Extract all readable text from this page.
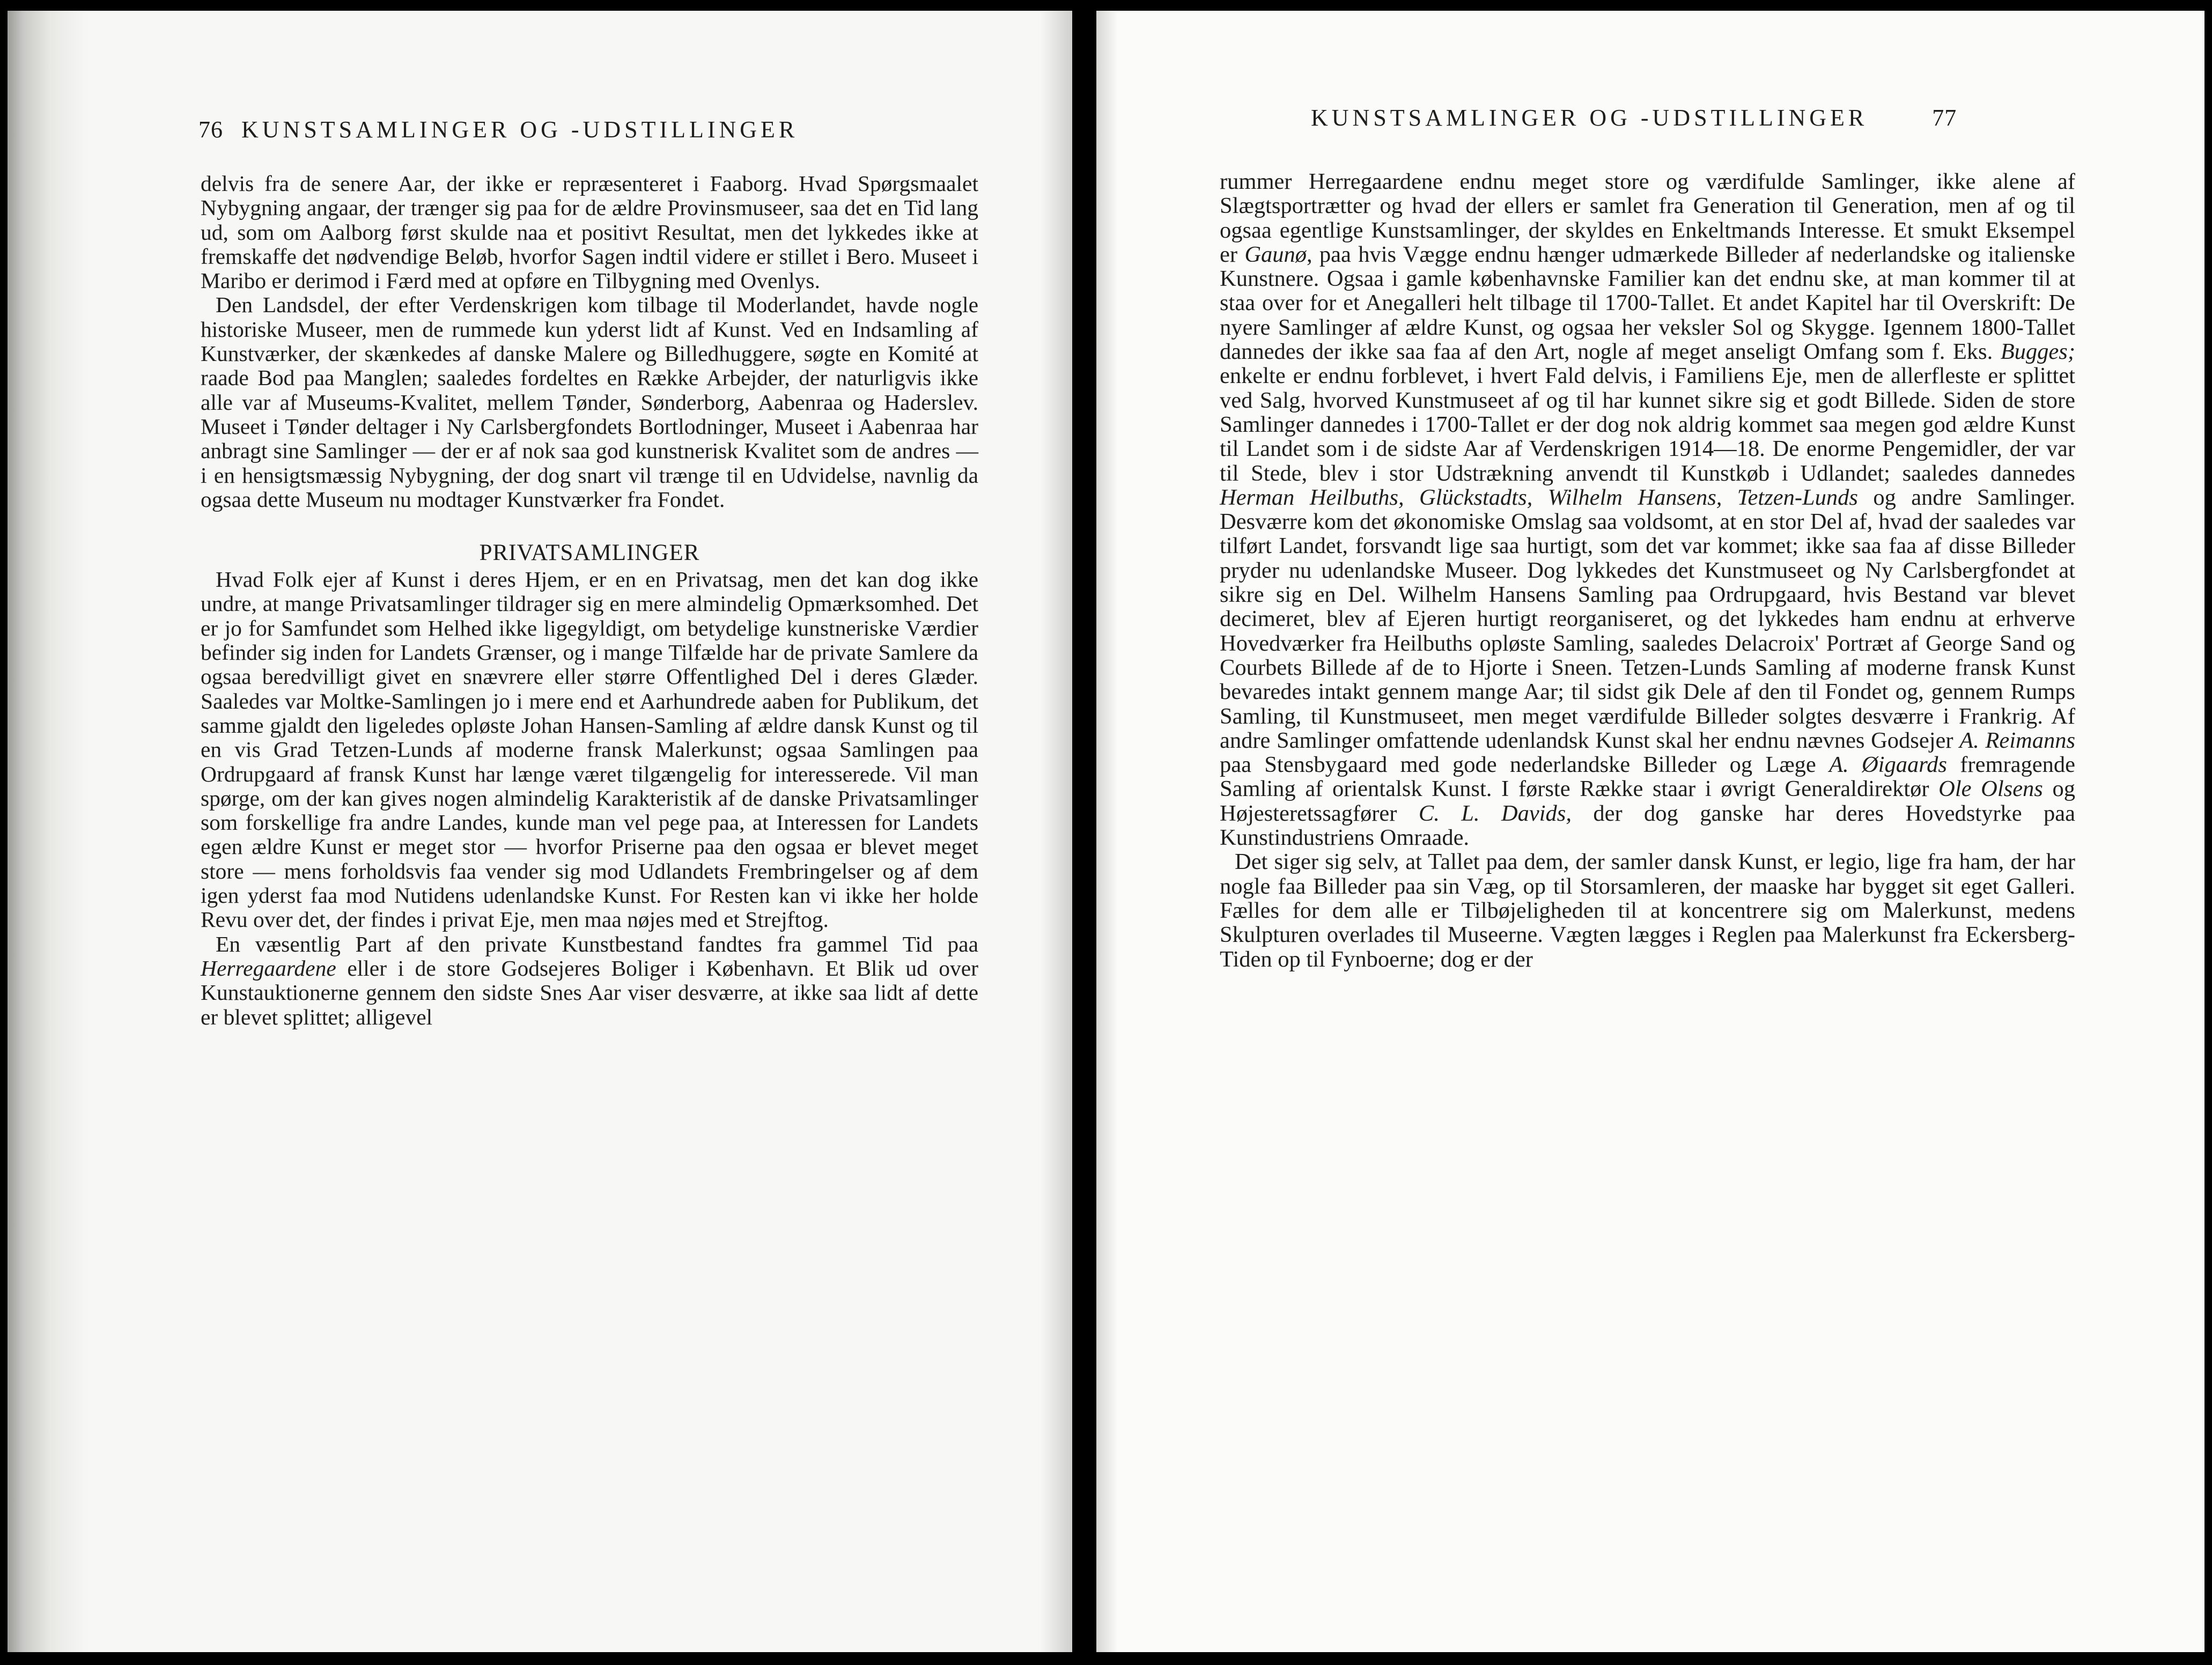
76 KUNSTSAMLINGER OG -UDSTILLINGER

delvis fra de senere Aar, der ikke er repræsenteret i Faaborg. Hvad Spørgsmaalet Nybygning angaar, der trænger sig paa for de ældre Provinsmuseer, saa det en Tid lang ud, som om Aalborg først skulde naa et positivt Resultat, men det lykkedes ikke at fremskaffe det nødvendige Beløb, hvorfor Sagen indtil videre er stillet i Bero. Museet i Maribo er derimod i Færd med at opføre en Tilbygning med Ovenlys.

Den Landsdel, der efter Verdenskrigen kom tilbage til Moderlandet, havde nogle historiske Museer, men de rummede kun yderst lidt af Kunst. Ved en Indsamling af Kunstværker, der skænkedes af danske Malere og Billedhuggere, søgte en Komité at raade Bod paa Manglen; saaledes fordeltes en Række Arbejder, der naturligvis ikke alle var af Museums-Kvalitet, mellem Tønder, Sønderborg, Aabenraa og Haderslev. Museet i Tønder deltager i Ny Carlsbergfondets Bortlodninger, Museet i Aabenraa har anbragt sine Samlinger — der er af nok saa god kunstnerisk Kvalitet som de andres — i en hensigtsmæssig Nybygning, der dog snart vil trænge til en Udvidelse, navnlig da ogsaa dette Museum nu modtager Kunstværker fra Fondet.

PRIVATSAMLINGER

Hvad Folk ejer af Kunst i deres Hjem, er en en Privatsag, men det kan dog ikke undre, at mange Privatsamlinger tildrager sig en mere almindelig Opmærksomhed. Det er jo for Samfundet som Helhed ikke ligegyldigt, om betydelige kunstneriske Værdier befinder sig inden for Landets Grænser, og i mange Tilfælde har de private Samlere da ogsaa beredvilligt givet en snævrere eller større Offentlighed Del i deres Glæder. Saaledes var Moltke-Samlingen jo i mere end et Aarhundrede aaben for Publikum, det samme gjaldt den ligeledes opløste Johan Hansen-Samling af ældre dansk Kunst og til en vis Grad Tetzen-Lunds af moderne fransk Malerkunst; ogsaa Samlingen paa Ordrupgaard af fransk Kunst har længe været tilgængelig for interesserede. Vil man spørge, om der kan gives nogen almindelig Karakteristik af de danske Privatsamlinger som forskellige fra andre Landes, kunde man vel pege paa, at Interessen for Landets egen ældre Kunst er meget stor — hvorfor Priserne paa den ogsaa er blevet meget store — mens forholdsvis faa vender sig mod Udlandets Frembringelser og af dem igen yderst faa mod Nutidens udenlandske Kunst. For Resten kan vi ikke her holde Revu over det, der findes i privat Eje, men maa nøjes med et Strejftog.

En væsentlig Part af den private Kunstbestand fandtes fra gammel Tid paa Herregaardene eller i de store Godsejeres Boliger i København. Et Blik ud over Kunstauktionerne gennem den sidste Snes Aar viser desværre, at ikke saa lidt af dette er blevet splittet; alligevel

KUNSTSAMLINGER OG -UDSTILLINGER	77

rummer Herregaardene endnu meget store og værdifulde Samlinger, ikke alene af Slægtsportrætter og hvad der ellers er samlet fra Generation til Generation, men af og til ogsaa egentlige Kunstsamlinger, der skyldes en Enkeltmands Interesse. Et smukt Eksempel er Gaunø, paa hvis Vægge endnu hænger udmærkede Billeder af nederlandske og italienske Kunstnere. Ogsaa i gamle københavnske Familier kan det endnu ske, at man kommer til at staa over for et Anegalleri helt tilbage til 1700-Tallet. Et andet Kapitel har til Overskrift: De nyere Samlinger af ældre Kunst, og ogsaa her veksler Sol og Skygge. Igennem 1800-Tallet dannedes der ikke saa faa af den Art, nogle af meget anseligt Omfang som f. Eks. Bugges; enkelte er endnu forblevet, i hvert Fald delvis, i Familiens Eje, men de allerfleste er splittet ved Salg, hvorved Kunstmuseet af og til har kunnet sikre sig et godt Billede. Siden de store Samlinger dannedes i 1700-Tallet er der dog nok aldrig kommet saa megen god ældre Kunst til Landet som i de sidste Aar af Verdenskrigen 1914—18. De enorme Pengemidler, der var til Stede, blev i stor Udstrækning anvendt til Kunstkøb i Udlandet; saaledes dannedes Herman Heilbuths, Glückstadts, Wilhelm Hansens, Tetzen-Lunds og andre Samlinger. Desværre kom det økonomiske Omslag saa voldsomt, at en stor Del af, hvad der saaledes var tilført Landet, forsvandt lige saa hurtigt, som det var kommet; ikke saa faa af disse Billeder pryder nu udenlandske Museer. Dog lykkedes det Kunstmuseet og Ny Carlsbergfondet at sikre sig en Del. Wilhelm Hansens Samling paa Ordrupgaard, hvis Bestand var blevet decimeret, blev af Ejeren hurtigt reorganiseret, og det lykkedes ham endnu at erhverve Hovedværker fra Heilbuths opløste Samling, saaledes Delacroix' Portræt af George Sand og Courbets Billede af de to Hjorte i Sneen. Tetzen-Lunds Samling af moderne fransk Kunst bevaredes intakt gennem mange Aar; til sidst gik Dele af den til Fondet og, gennem Rumps Samling, til Kunstmuseet, men meget værdifulde Billeder solgtes desværre i Frankrig. Af andre Samlinger omfattende udenlandsk Kunst skal her endnu nævnes Godsejer A. Reimanns paa Stensbygaard med gode nederlandske Billeder og Læge A. Øigaards fremragende Samling af orientalsk Kunst. I første Række staar i øvrigt Generaldirektør Ole Olsens og Højesteretssagfører C. L. Davids, der dog ganske har deres Hovedstyrke paa Kunstindustriens Omraade.

Det siger sig selv, at Tallet paa dem, der samler dansk Kunst, er legio, lige fra ham, der har nogle faa Billeder paa sin Væg, op til Storsamleren, der maaske har bygget sit eget Galleri. Fælles for dem alle er Tilbøjeligheden til at koncentrere sig om Malerkunst, medens Skulpturen overlades til Museerne. Vægten lægges i Reglen paa Malerkunst fra Eckersberg-Tiden op til Fynboerne; dog er der
